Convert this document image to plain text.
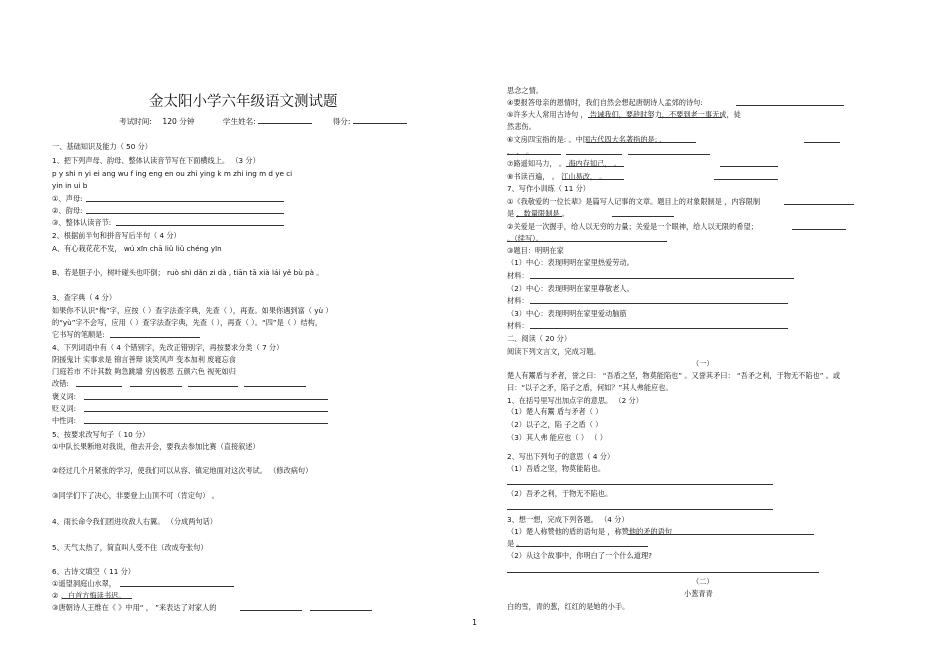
金太阳小学六年级语文测试题
考试时间: 120 分钟	学生姓名:	得分:
一、基础知识及能力（ 50 分）
1、把下列声母、韵母、整体认读音节写在下面横线上。 （3 分）
p y shi n yi ei ang wu f ing eng en ou zhi ying k m zhi ing m d ye ci
yin in ui b
①、声母:
②、韵母:
③、整体认读音节:
2、根据前半句和拼音写后半句（ 4 分）
A、有心栽花花不发， wú xīn chā liǔ liǔ chéng yīn
B、若是胆子小，树叶碰头也吓倒； ruò shì dǎn zi dà , tiān tā xià lái yě bù pà 。
3、查字典（ 4 分）
如果你不认识“梅”字，应按（ ）查字法查字典，先查（ ），再查。如果你遇到富（ yù ）
的“yù”字不会写，应用（ ）查字法查字典，先查（ ），再查（ ）。“四”是（ ）结构，
它书写的笔顺是:
4、下列词语中有（ 4 个错别字，先改正错别字，再按要求分类（ 7 分）
阴援鬼计 实事求是 锦言善辩 谈笑风声 变本加利 废寝忘食
门庭若市 不计其数 夠急跳墙 穷凶极恶 五颜六色 视死如归
改错:
褒义词:
贬义词:
中性词:
5、按要求改写句子（ 10 分）
①中队长果断地对我说，他去开会，要我去参加比赛（直接叙述）
②经过几个月紧张的学习，使我们可以从容、镇定地面对这次考试。 （修改病句）
③同学们下了决心，非要登上山顶不可（肯定句） 。
4、雨长命令我们团进攻敌人右翼。 （分成两句话）
5、天气太热了，简直叫人受不住（改成夸张句）
6、古诗文填空（ 11 分）
①遥望洞庭山水翠，
② ，白首方悔读书迟。
③唐朝诗人王维在《 》中用“ ， ”来表达了对家人的
思念之情。
④要报答母亲的恩情时，我们自然会想起唐朝诗人孟郊的诗句:
⑤许多大人常用古诗句 ， 告诫我们，要趁时努力，不要到老一事无成，徒
然悲伤。
⑥文房四宝指的是: 。中国古代四大名著指的是: 、
、 、 。
⑦路遥知马力， 。 海内存知己， 。
⑧书读百遍， 。 江山易改， 。
7、写作小训练（ 11 分）
①《我敬爱的一位长辈》是篇写人记事的文章。题目上的对象限制是 ，内容限制
是 ，数量限制是 。
②关爱是一次握手，给人以无穷的力量；关爱是一个眼神，给人以无限的希望；
。（续写）。
③题目：明明在家
（1）中心：表现明明在家里热爱劳动。
材料：
（2）中心：表现明明在家里尊敬老人。
材料：
（3）中心：表现明明在家里爱动脑筋
材料：
二、阅读（ 20 分）
阅读下列文言文，完成习题。
（一）
楚人有鬻盾与矛者，誉之曰： “吾盾之坚，物莫能陷也” 。又誉其矛曰： “吾矛之利，于物无不陷也” 。或
曰：“以子之矛，陷子之盾，何如？”其人弗能应也。
1、在括号里写出加点字的意思。 （2 分）
（1）楚人有鬻 盾与矛者（ ）
（2）以子之，陷 子之盾（ ）
（3）其人弗 能应也（ ） （ ）
2、写出下列句子的意思（ 4 分）
（1）吾盾之坚，物莫能陷也。
（2）吾矛之利，于物无不陷也。
3、想一想，完成下列各题。 （4 分）
（1）楚人称赞他的盾的语句是 ，称赞他的矛的语句
是 。
（2）从这个故事中，你明白了一个什么道理?
（二）
小葱青青
白的雪，青的葱，红红的是她的小手。
1
